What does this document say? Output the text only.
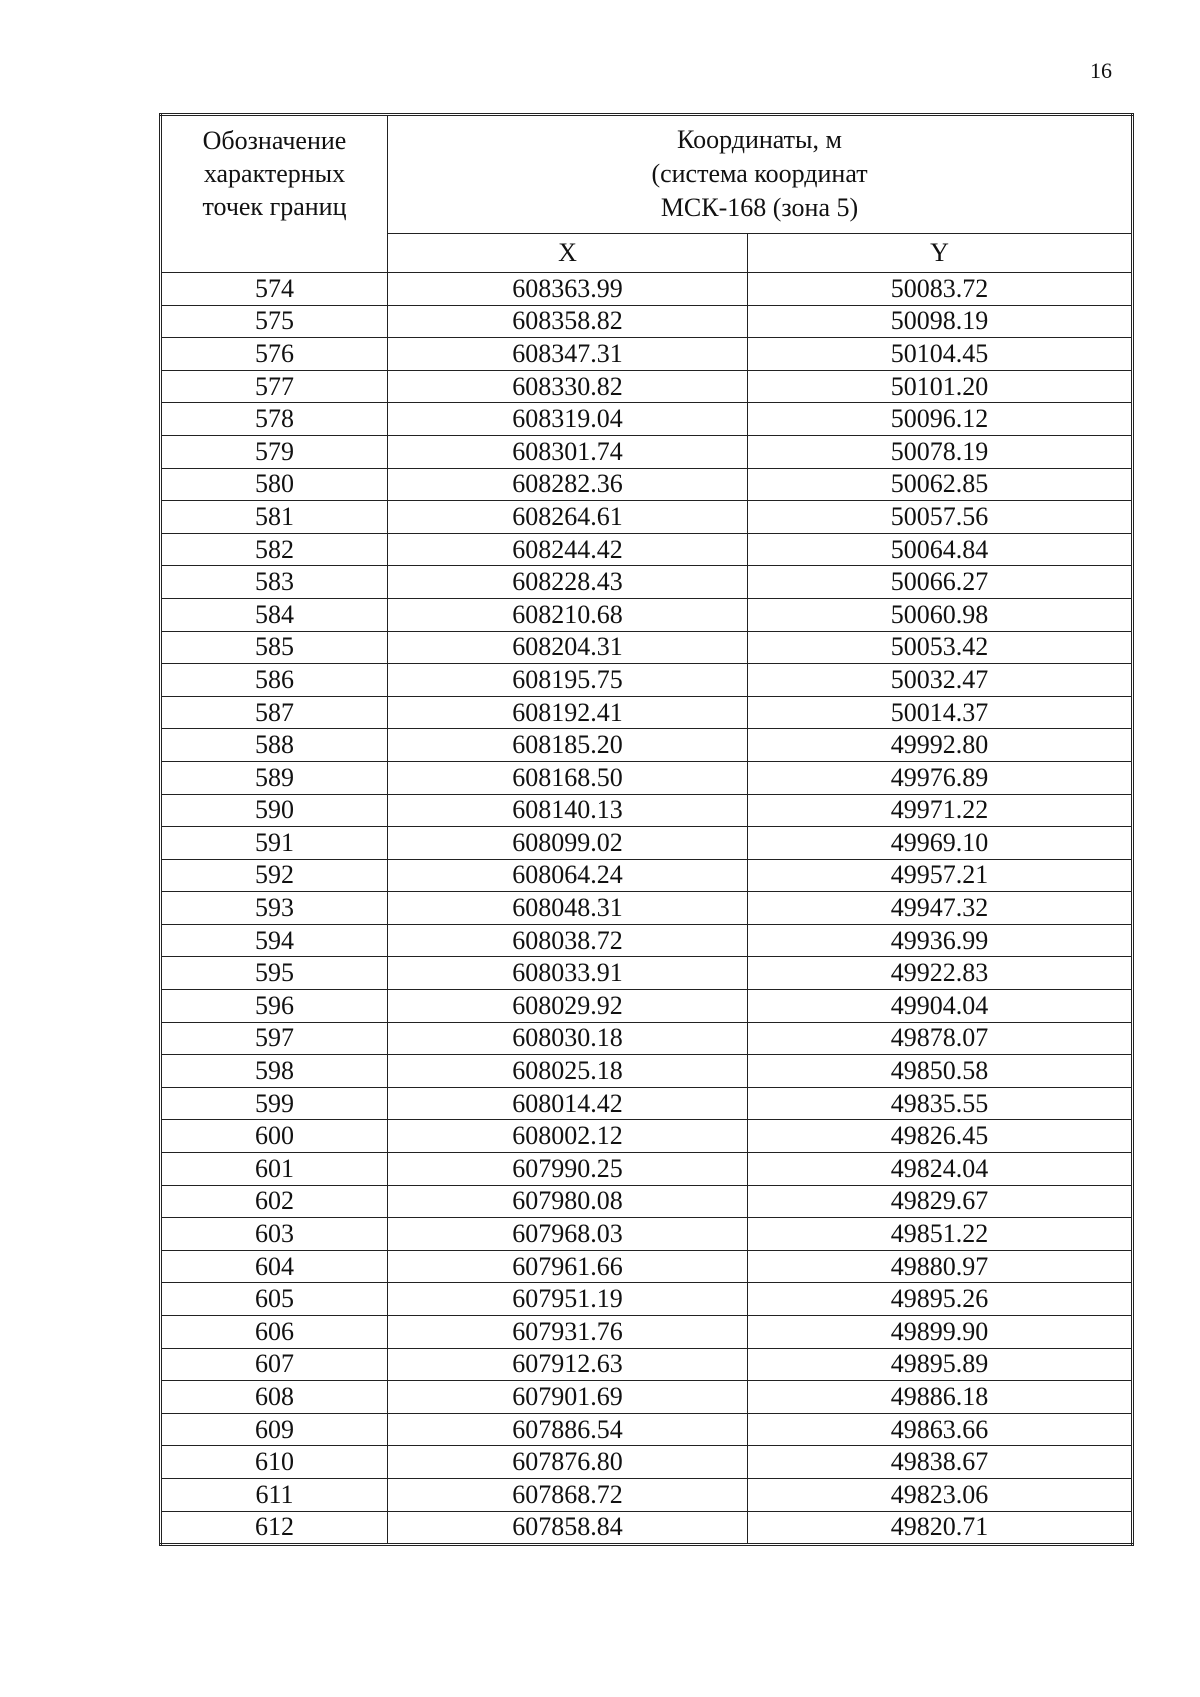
16
Обозначение
характерных
точек границ	Координаты, м
(система координат
МСК-168 (зона 5)	

	X	Y
574	608363.99	50083.72
575	608358.82	50098.19
576	608347.31	50104.45
577	608330.82	50101.20
578	608319.04	50096.12
579	608301.74	50078.19
580	608282.36	50062.85
581	608264.61	50057.56
582	608244.42	50064.84
583	608228.43	50066.27
584	608210.68	50060.98
585	608204.31	50053.42
586	608195.75	50032.47
587	608192.41	50014.37
588	608185.20	49992.80
589	608168.50	49976.89
590	608140.13	49971.22
591	608099.02	49969.10
592	608064.24	49957.21
593	608048.31	49947.32
594	608038.72	49936.99
595	608033.91	49922.83
596	608029.92	49904.04
597	608030.18	49878.07
598	608025.18	49850.58
599	608014.42	49835.55
600	608002.12	49826.45
601	607990.25	49824.04
602	607980.08	49829.67
603	607968.03	49851.22
604	607961.66	49880.97
605	607951.19	49895.26
606	607931.76	49899.90
607	607912.63	49895.89
608	607901.69	49886.18
609	607886.54	49863.66
610	607876.80	49838.67
611	607868.72	49823.06
612	607858.84	49820.71
